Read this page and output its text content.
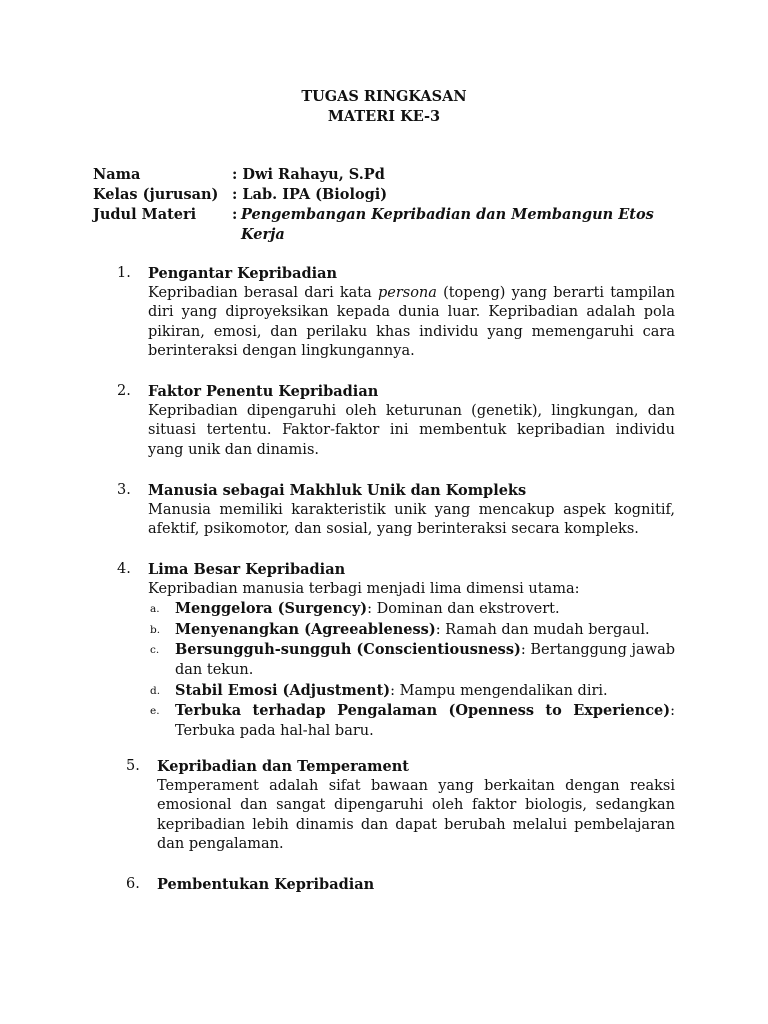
TUGAS RINGKASAN
MATERI KE-3
Nama	: Dwi Rahayu, S.Pd
Kelas (jurusan) : Lab. IPA (Biologi)
Judul Materi : Pengembangan Kepribadian dan Membangun Etos
Kerja
1. Pengantar Kepribadian
Kepribadian berasal dari kata persona (topeng) yang berarti tampilan diri yang diproyeksikan kepada dunia luar. Kepribadian adalah pola pikiran, emosi, dan perilaku khas individu yang memengaruhi cara berinteraksi dengan lingkungannya.
2. Faktor Penentu Kepribadian
Kepribadian dipengaruhi oleh keturunan (genetik), lingkungan, dan situasi tertentu. Faktor-faktor ini membentuk kepribadian individu yang unik dan dinamis.
3. Manusia sebagai Makhluk Unik dan Kompleks
Manusia memiliki karakteristik unik yang mencakup aspek kognitif, afektif, psikomotor, dan sosial, yang berinteraksi secara kompleks.
4. Lima Besar Kepribadian
Kepribadian manusia terbagi menjadi lima dimensi utama:
a. Menggelora (Surgency): Dominan dan ekstrovert.
b. Menyenangkan (Agreeableness): Ramah dan mudah bergaul.
c. Bersungguh-sungguh (Conscientiousness): Bertanggung jawab dan tekun.
d. Stabil Emosi (Adjustment): Mampu mengendalikan diri.
e. Terbuka terhadap Pengalaman (Openness to Experience): Terbuka pada hal-hal baru.
5. Kepribadian dan Temperament
Temperament adalah sifat bawaan yang berkaitan dengan reaksi emosional dan sangat dipengaruhi oleh faktor biologis, sedangkan kepribadian lebih dinamis dan dapat berubah melalui pembelajaran dan pengalaman.
6. Pembentukan Kepribadian
